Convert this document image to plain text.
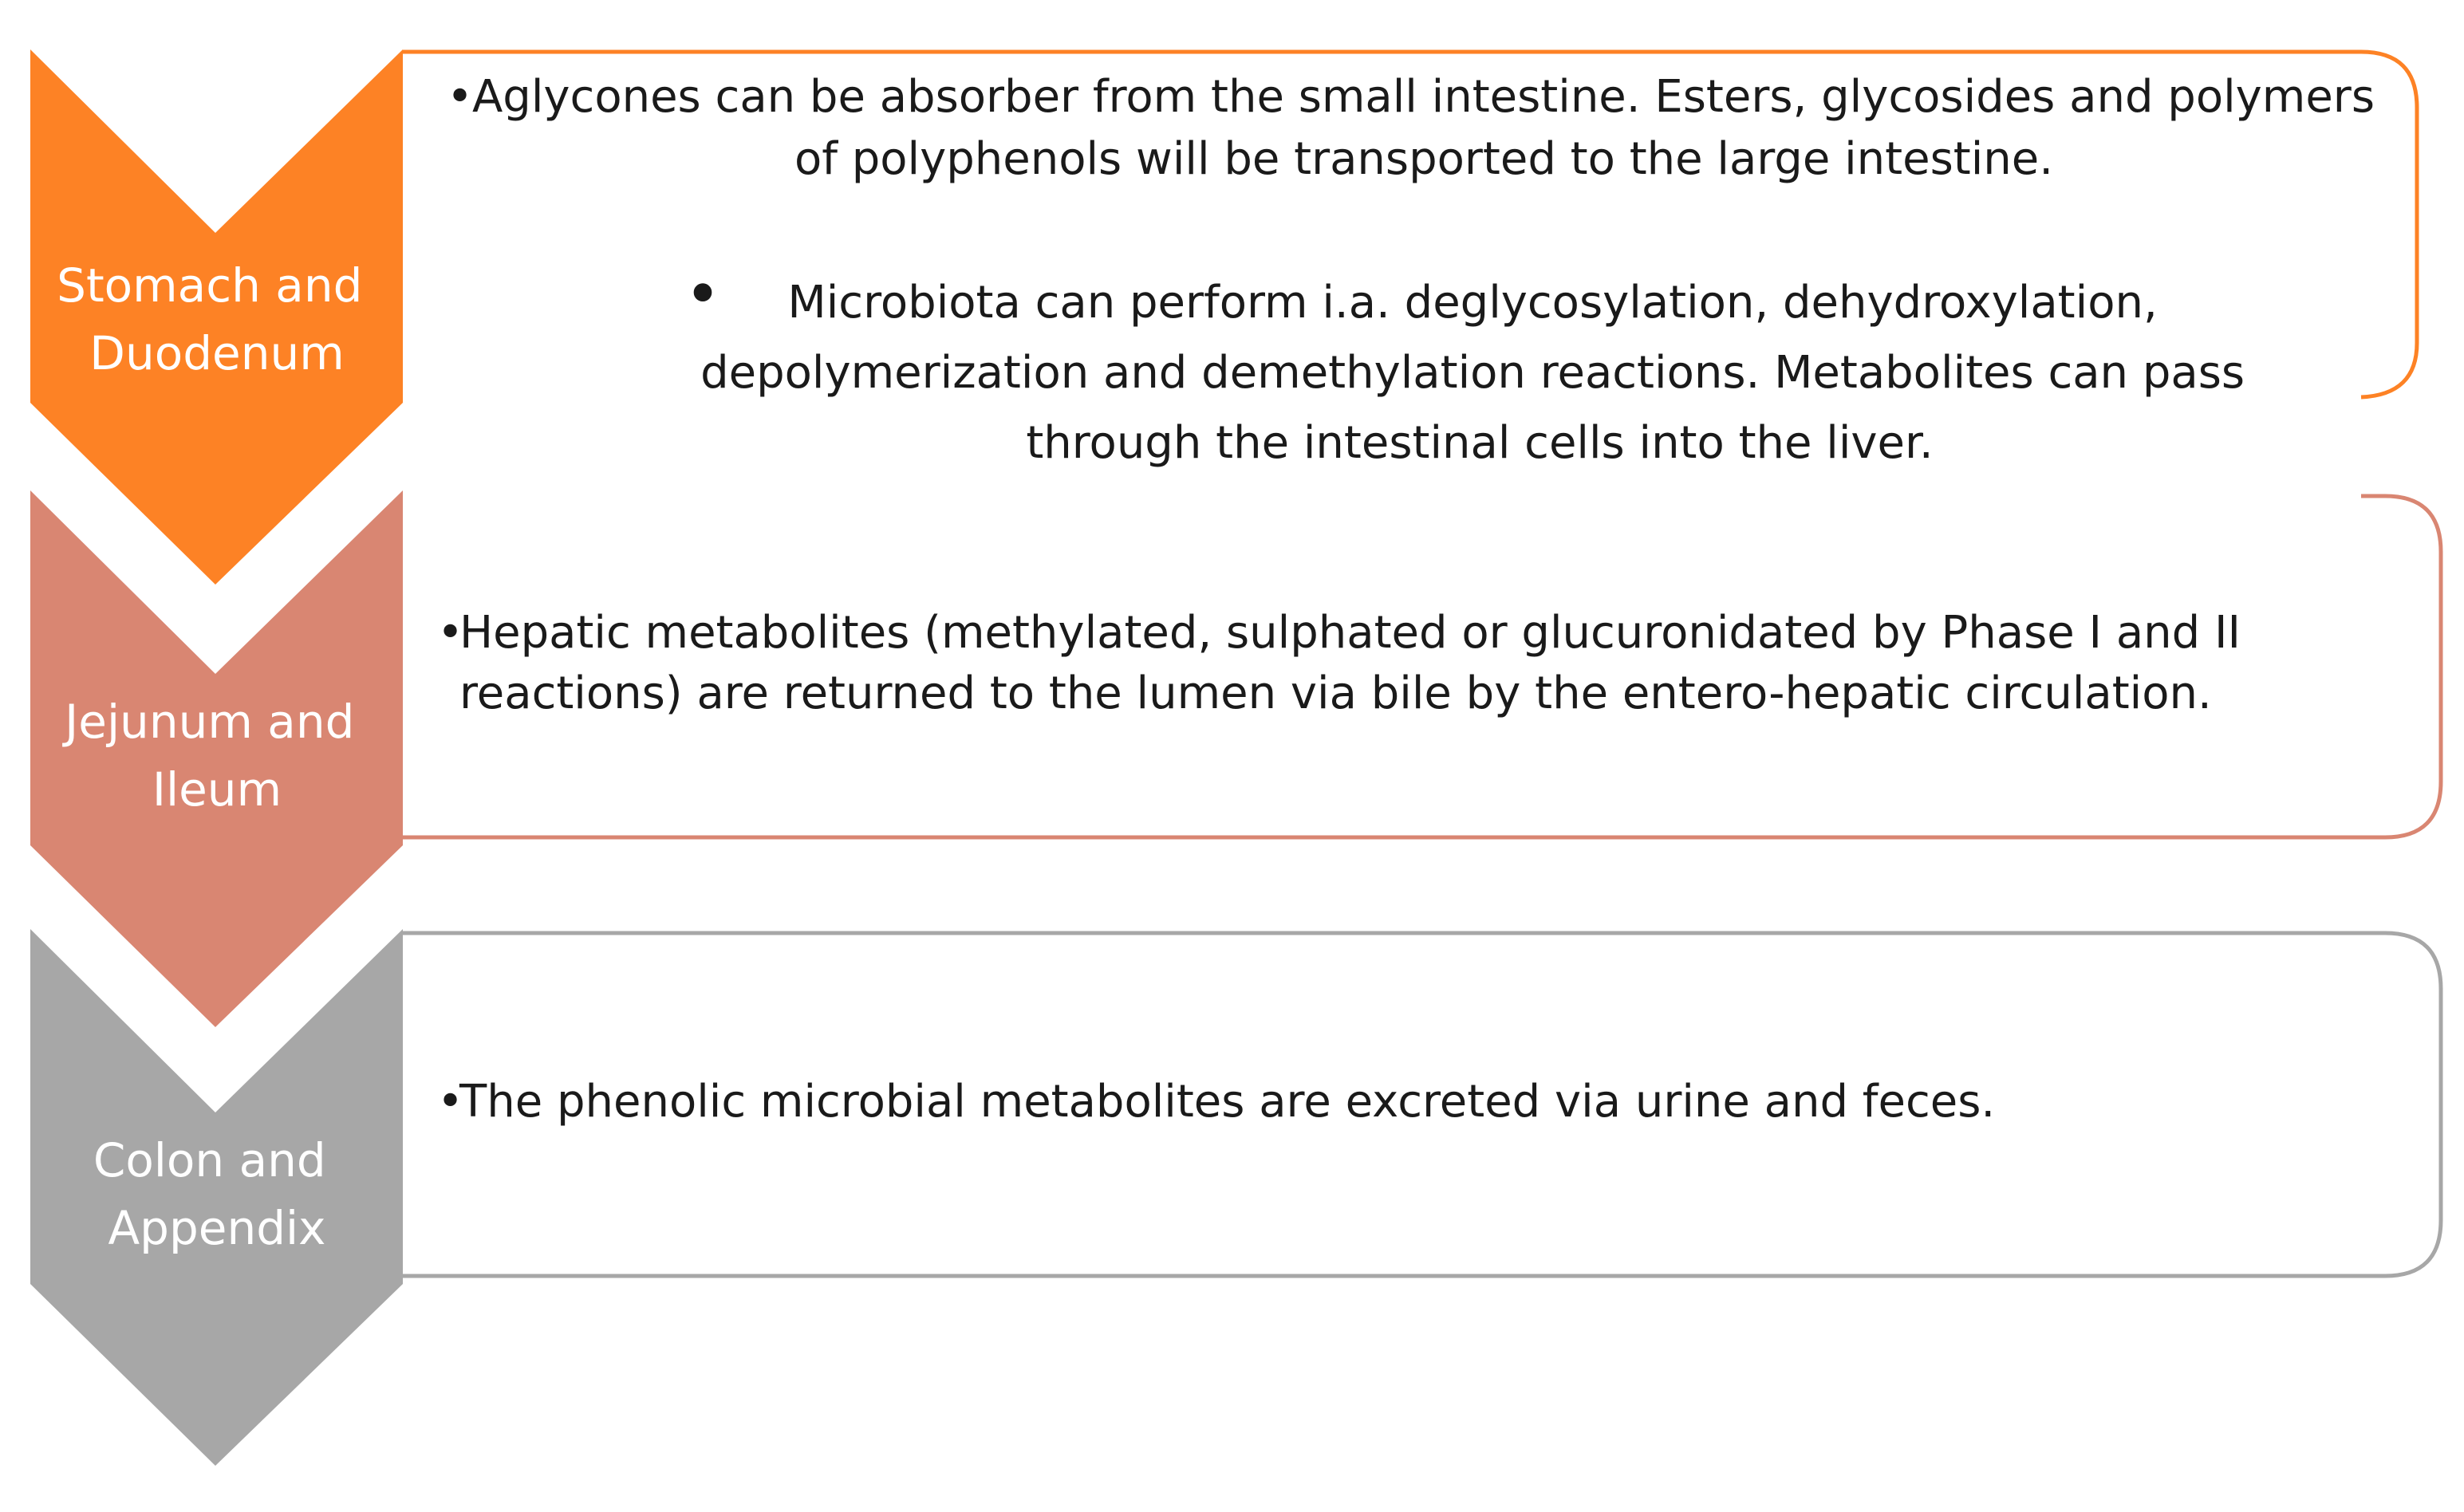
Colon and Appendix
•
The phenolic microbial metabolites are excreted via urine and feces.
Jejunum and Ileum
•
Hepatic metabolites (methylated, sulphated or glucuronidated by Phase I and II reactions) are returned to the lumen via bile by the entero-hepatic circulation.
Stomach and Duodenum
•
Aglycones can be absorber from the small intestine. Esters, glycosides and polymers of polyphenols will be transported to the large intestine.
•	Microbiota can perform i.a. deglycosylation, dehydroxylation, depolymerization and demethylation reactions. Metabolites can pass through the intestinal cells into the liver.
